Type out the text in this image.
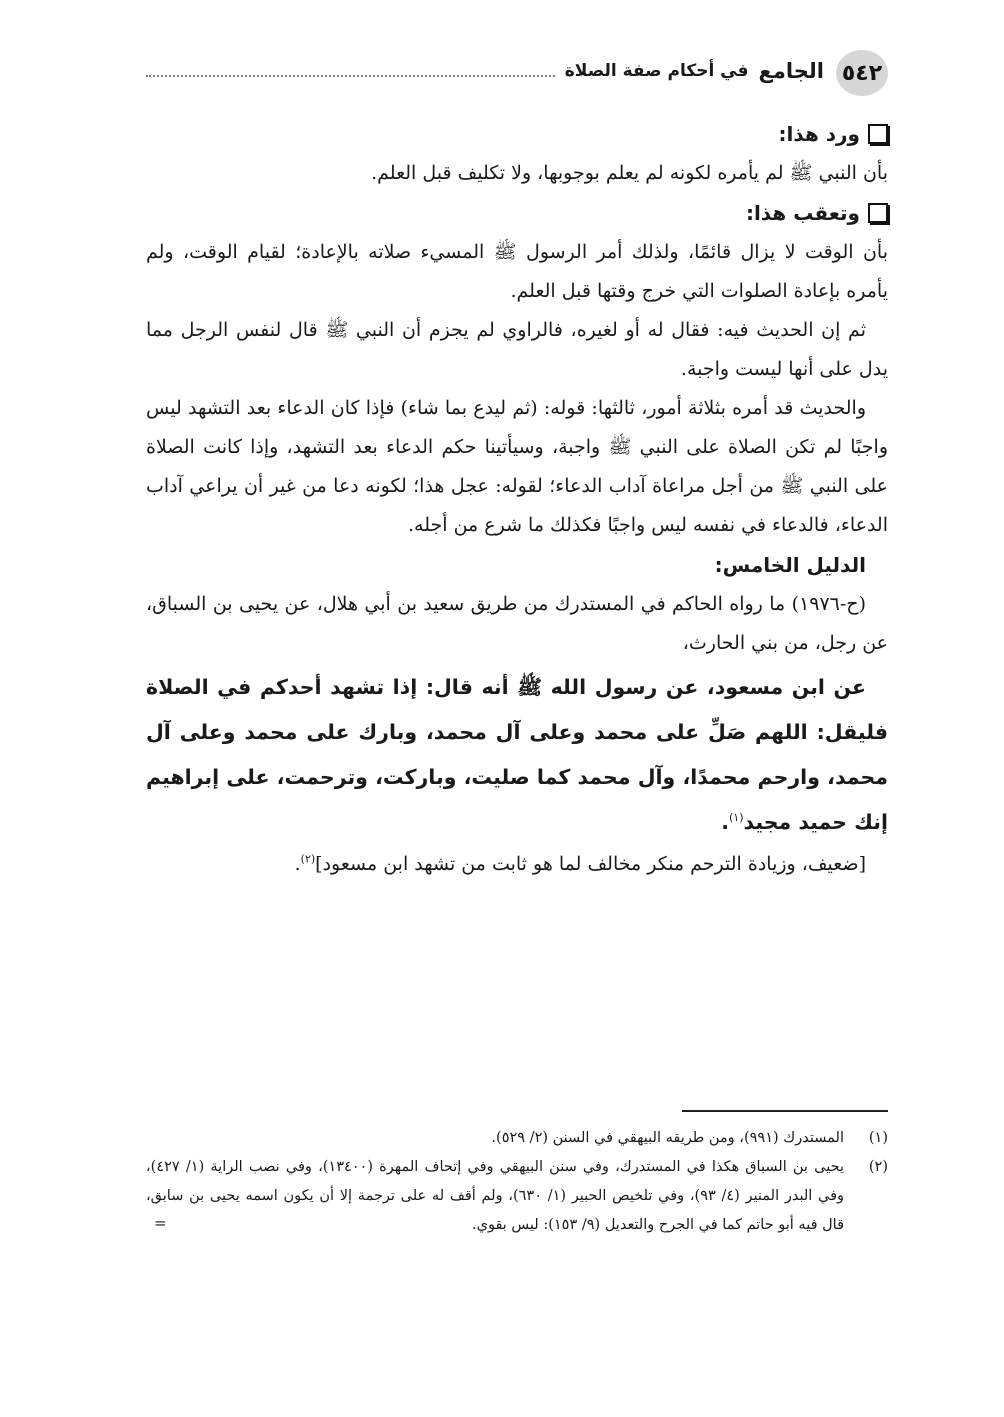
٥٤٢
الجامع
في أحكام صفة الصلاة

ورد هذا:

بأن النبي ﷺ لم يأمره لكونه لم يعلم بوجوبها، ولا تكليف قبل العلم.

وتعقب هذا:

بأن الوقت لا يزال قائمًا، ولذلك أمر الرسول ﷺ المسيء صلاته بالإعادة؛ لقيام الوقت، ولم يأمره بإعادة الصلوات التي خرج وقتها قبل العلم.

ثم إن الحديث فيه: فقال له أو لغيره، فالراوي لم يجزم أن النبي ﷺ قال لنفس الرجل مما يدل على أنها ليست واجبة.

والحديث قد أمره بثلاثة أمور، ثالثها: قوله: (ثم ليدع بما شاء) فإذا كان الدعاء بعد التشهد ليس واجبًا لم تكن الصلاة على النبي ﷺ واجبة، وسيأتينا حكم الدعاء بعد التشهد، وإذا كانت الصلاة على النبي ﷺ من أجل مراعاة آداب الدعاء؛ لقوله: عجل هذا؛ لكونه دعا من غير أن يراعي آداب الدعاء، فالدعاء في نفسه ليس واجبًا فكذلك ما شرع من أجله.

الدليل الخامس:

(ح-١٩٧٦) ما رواه الحاكم في المستدرك من طريق سعيد بن أبي هلال، عن يحيى بن السباق، عن رجل، من بني الحارث،

عن ابن مسعود، عن رسول الله ﷺ أنه قال: إذا تشهد أحدكم في الصلاة فليقل: اللهم صَلِّ على محمد وعلى آل محمد، وبارك على محمد وعلى آل محمد، وارحم محمدًا، وآل محمد كما صليت، وباركت، وترحمت، على إبراهيم إنك حميد مجيد$^{(١)}$.

[ضعيف، وزيادة الترحم منكر مخالف لما هو ثابت من تشهد ابن مسعود]$^{(٢)}$.

(١)
المستدرك (٩٩١)، ومن طريقه البيهقي في السنن (٢/ ٥٢٩).

(٢)
يحيى بن السباق هكذا في المستدرك، وفي سنن البيهقي وفي إتحاف المهرة (١٣٤٠٠)، وفي نصب الراية (١/ ٤٢٧)، وفي البدر المنير (٤/ ٩٣)، وفي تلخيص الحبير (١/ ٦٣٠)، ولم أقف له على ترجمة إلا أن يكون اسمه يحيى بن سابق، قال فيه أبو حاتم كما في الجرح والتعديل (٩/ ١٥٣): ليس بقوي.
=
